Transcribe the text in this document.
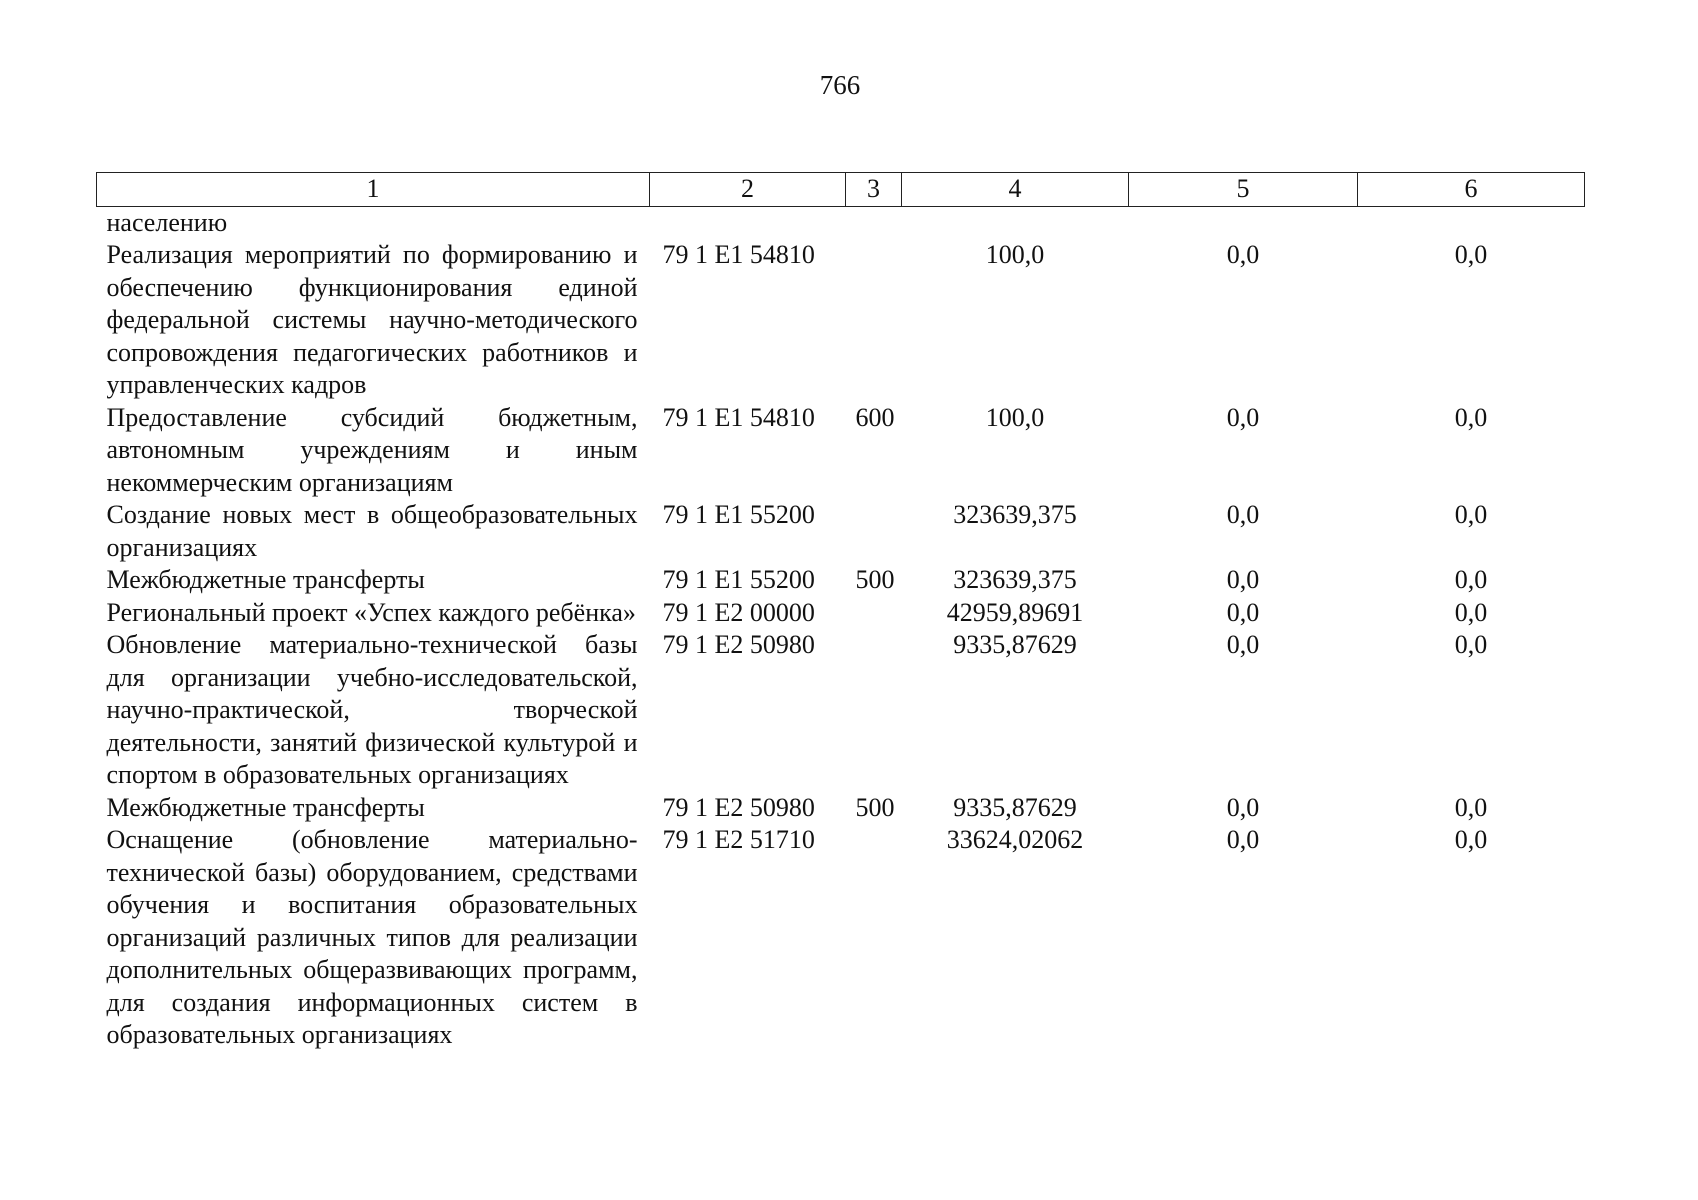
766
1	2	3	4	5	6
населению					
Реализация мероприятий по формированию и обеспечению функционирования единой федеральной системы научно-методического сопровождения педагогических работников и управленческих кадров	79 1 E1 54810		100,0	0,0	0,0
Предоставление субсидий бюджетным, автономным учреждениям и иным некоммерческим организациям	79 1 E1 54810	600	100,0	0,0	0,0
Создание новых мест в общеобразовательных организациях	79 1 E1 55200		323639,375	0,0	0,0
Межбюджетные трансферты	79 1 E1 55200	500	323639,375	0,0	0,0
Региональный проект «Успех каждого ребёнка»	79 1 E2 00000		42959,89691	0,0	0,0
Обновление материально-технической базы для организации учебно-исследовательской, научно-практической, творческой деятельности, занятий физической культурой и спортом в образовательных организациях	79 1 E2 50980		9335,87629	0,0	0,0
Межбюджетные трансферты	79 1 E2 50980	500	9335,87629	0,0	0,0
Оснащение (обновление материально-технической базы) оборудованием, средствами обучения и воспитания образовательных организаций различных типов для реализации дополнительных общеразвивающих программ, для создания информационных систем в образовательных организациях	79 1 E2 51710		33624,02062	0,0	0,0
